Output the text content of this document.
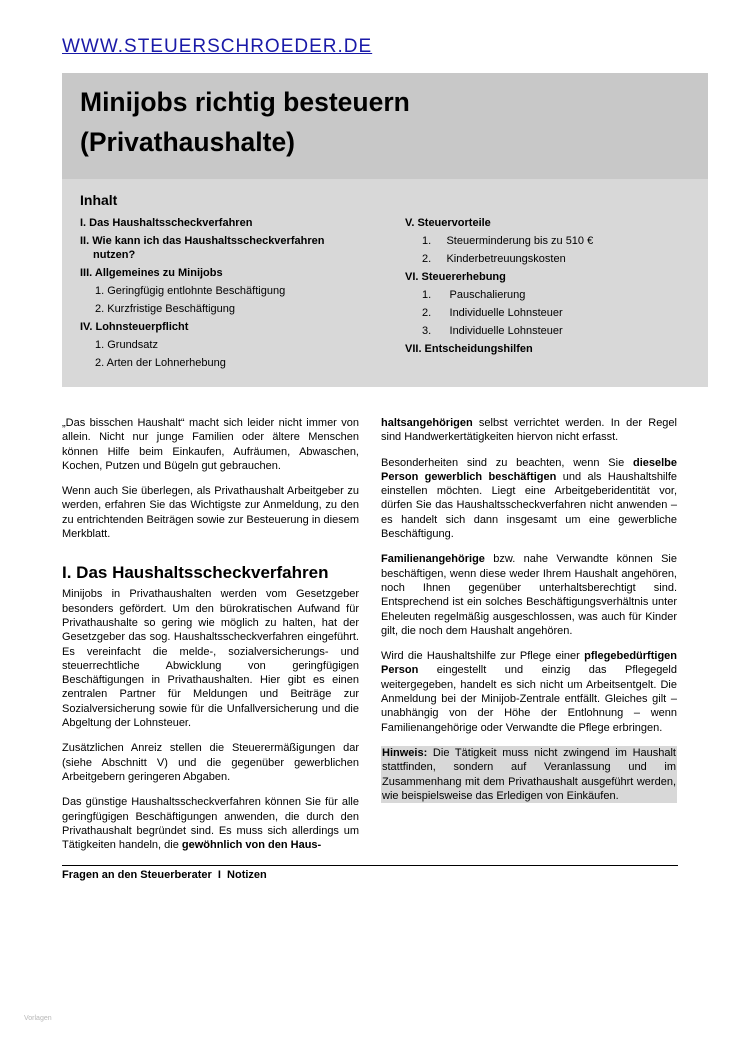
WWW.STEUERSCHROEDER.DE
Minijobs richtig besteuern
(Privathaushalte)
Inhalt
I. Das Haushaltsscheckverfahren
II. Wie kann ich das Haushaltsscheckverfahren
nutzen?
III. Allgemeines zu Minijobs
1. Geringfügig entlohnte Beschäftigung
2. Kurzfristige Beschäftigung
IV. Lohnsteuerpflicht
1. Grundsatz
2. Arten der Lohnerhebung
V. Steuervorteile
1.     Steuerminderung bis zu 510 €
2.     Kinderbetreuungskosten
VI. Steuererhebung
1.      Pauschalierung
2.      Individuelle Lohnsteuer
3.      Individuelle Lohnsteuer
VII. Entscheidungshilfen

„Das bisschen Haushalt“ macht sich leider nicht immer von allein. Nicht nur junge Familien oder ältere Menschen können Hilfe beim Einkaufen, Aufräumen, Abwaschen, Kochen, Putzen und Bügeln gut gebrauchen.

Wenn auch Sie überlegen, als Privathaushalt Arbeitgeber zu werden, erfahren Sie das Wichtigste zur Anmeldung, zu den zu entrichtenden Beiträgen sowie zur Besteuerung in diesem Merkblatt.

I. Das Haushaltsscheckverfahren

Minijobs in Privathaushalten werden vom Gesetzgeber besonders gefördert. Um den bürokratischen Aufwand für Privathaushalte so gering wie möglich zu halten, hat der Gesetzgeber das sog. Haushaltsscheckverfahren eingeführt. Es vereinfacht die melde-, sozialversicherungs- und steuerrechtliche Abwicklung von geringfügigen Beschäftigungen in Privathaushalten. Hier gibt es einen zentralen Partner für Meldungen und Beiträge zur Sozialversicherung sowie für die Unfallversicherung und die Abgeltung der Lohnsteuer.

Zusätzlichen Anreiz stellen die Steuerermäßigungen dar (siehe Abschnitt V) und die gegenüber gewerblichen Arbeitgebern geringeren Abgaben.

Das günstige Haushaltsscheckverfahren können Sie für alle geringfügigen Beschäftigungen anwenden, die durch den Privathaushalt begründet sind. Es muss sich allerdings um Tätigkeiten handeln, die gewöhnlich von den Haus-

haltsangehörigen selbst verrichtet werden. In der Regel sind Handwerkertätigkeiten hiervon nicht erfasst.

Besonderheiten sind zu beachten, wenn Sie dieselbe Person gewerblich beschäftigen und als Haushaltshilfe einstellen möchten. Liegt eine Arbeitgeberidentität vor, dürfen Sie das Haushaltsscheckverfahren nicht anwenden – es handelt sich dann insgesamt um eine gewerbliche Beschäftigung.

Familienangehörige bzw. nahe Verwandte können Sie beschäftigen, wenn diese weder Ihrem Haushalt angehören, noch Ihnen gegenüber unterhaltsberechtigt sind. Entsprechend ist ein solches Beschäftigungsverhältnis unter Eheleuten regelmäßig ausgeschlossen, was auch für Kinder gilt, die noch dem Haushalt angehören.

Wird die Haushaltshilfe zur Pflege einer pflegebedürftigen Person eingestellt und einzig das Pflegegeld weitergegeben, handelt es sich nicht um Arbeitsentgelt. Die Anmeldung bei der Minijob-Zentrale entfällt. Gleiches gilt – unabhängig von der Höhe der Entlohnung – wenn Familienangehörige oder Verwandte die Pflege erbringen.

Hinweis: Die Tätigkeit muss nicht zwingend im Haushalt stattfinden, sondern auf Veranlassung und im Zusammenhang mit dem Privathaushalt ausgeführt werden, wie beispielsweise das Erledigen von Einkäufen.

Fragen an den Steuerberater  I  Notizen
Vorlagen
